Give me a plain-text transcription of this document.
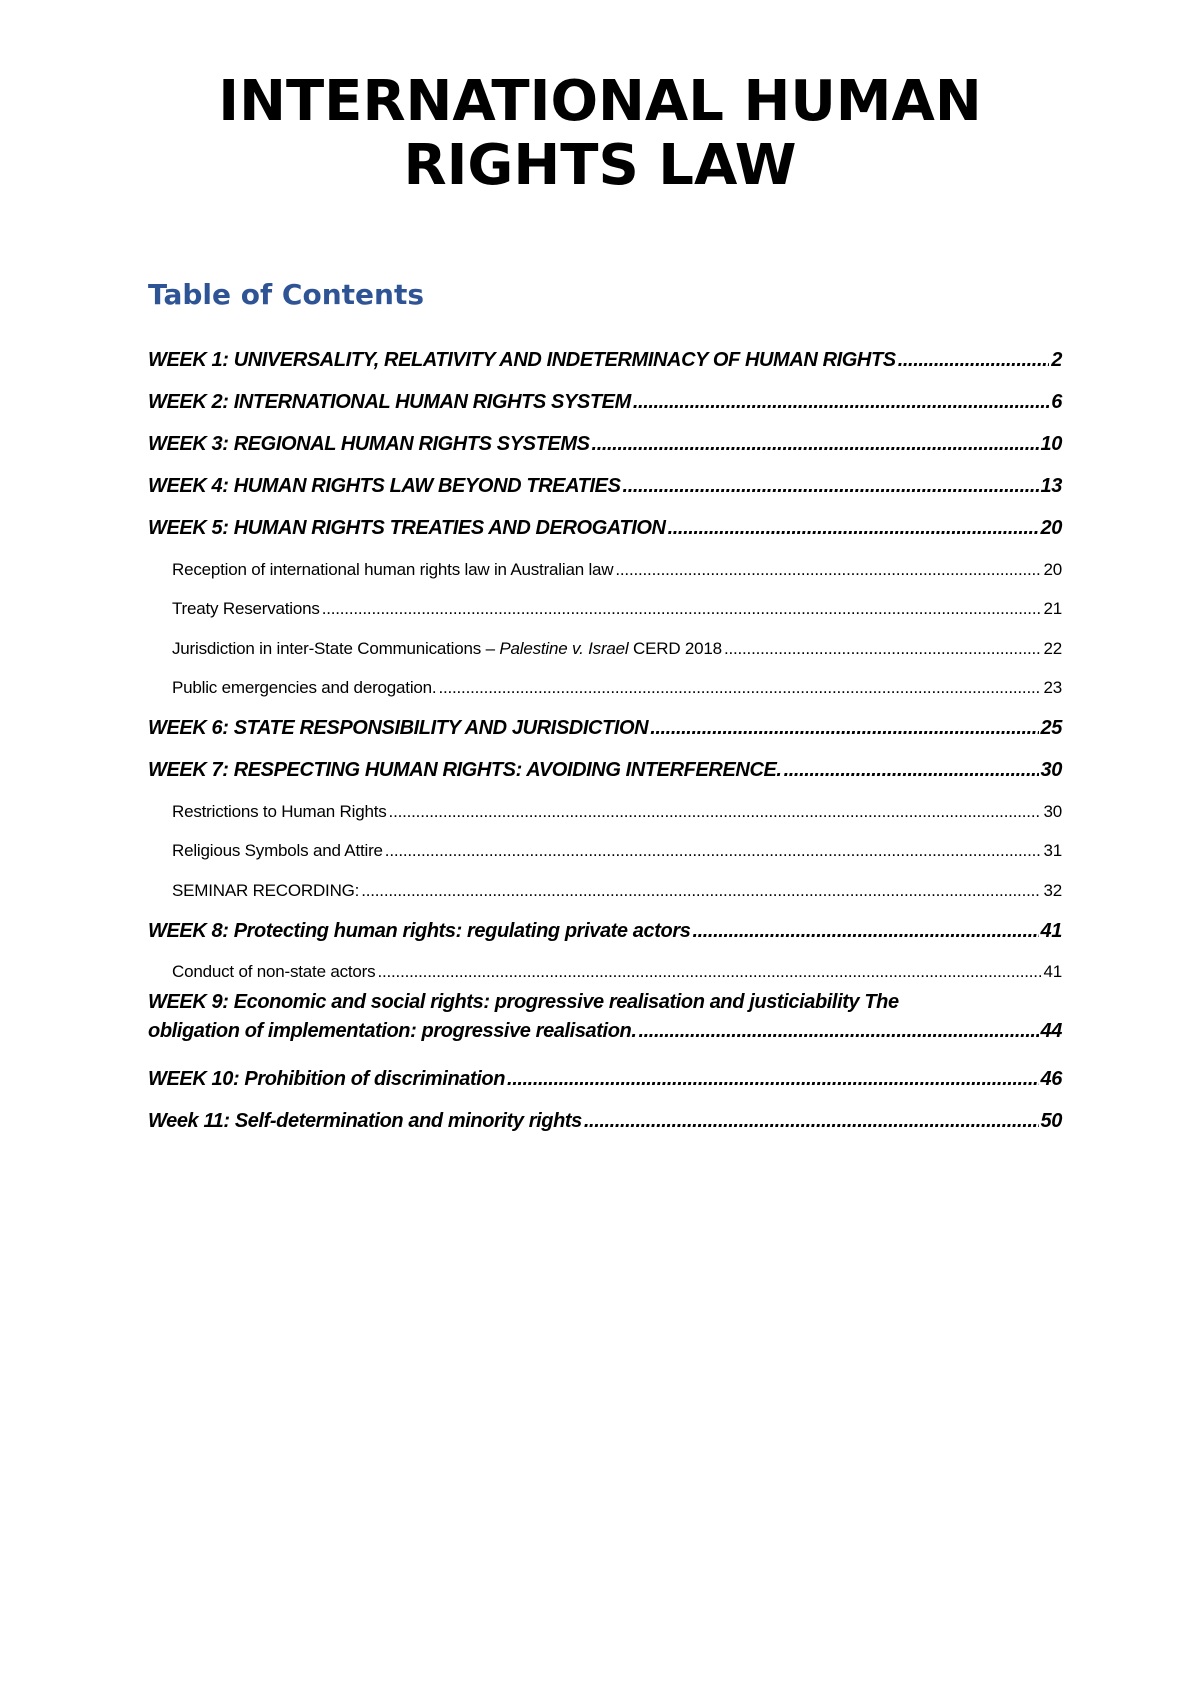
INTERNATIONAL HUMAN
RIGHTS LAW
Table of Contents
WEEK 1: UNIVERSALITY, RELATIVITY AND INDETERMINACY OF HUMAN RIGHTS .....	2
WEEK 2: INTERNATIONAL HUMAN RIGHTS SYSTEM .....	6
WEEK 3: REGIONAL HUMAN RIGHTS SYSTEMS .....	10
WEEK 4: HUMAN RIGHTS LAW BEYOND TREATIES .....	13
WEEK 5: HUMAN RIGHTS TREATIES AND DEROGATION .....	20
Reception of international human rights law in Australian law .....	20
Treaty Reservations .....	21
Jurisdiction in inter-State Communications – Palestine v. Israel CERD 2018 .....	22
Public emergencies and derogation. .....	23
WEEK 6: STATE RESPONSIBILITY AND JURISDICTION .....	25
WEEK 7: RESPECTING HUMAN RIGHTS: AVOIDING INTERFERENCE. .....	30
Restrictions to Human Rights .....	30
Religious Symbols and Attire .....	31
SEMINAR RECORDING: .....	32
WEEK 8: Protecting human rights: regulating private actors .....	41
Conduct of non-state actors .....	41
WEEK 9: Economic and social rights: progressive realisation and justiciability The
obligation of implementation: progressive realisation. .....	44
WEEK 10: Prohibition of discrimination .....	46
Week 11: Self-determination and minority rights .....	50
